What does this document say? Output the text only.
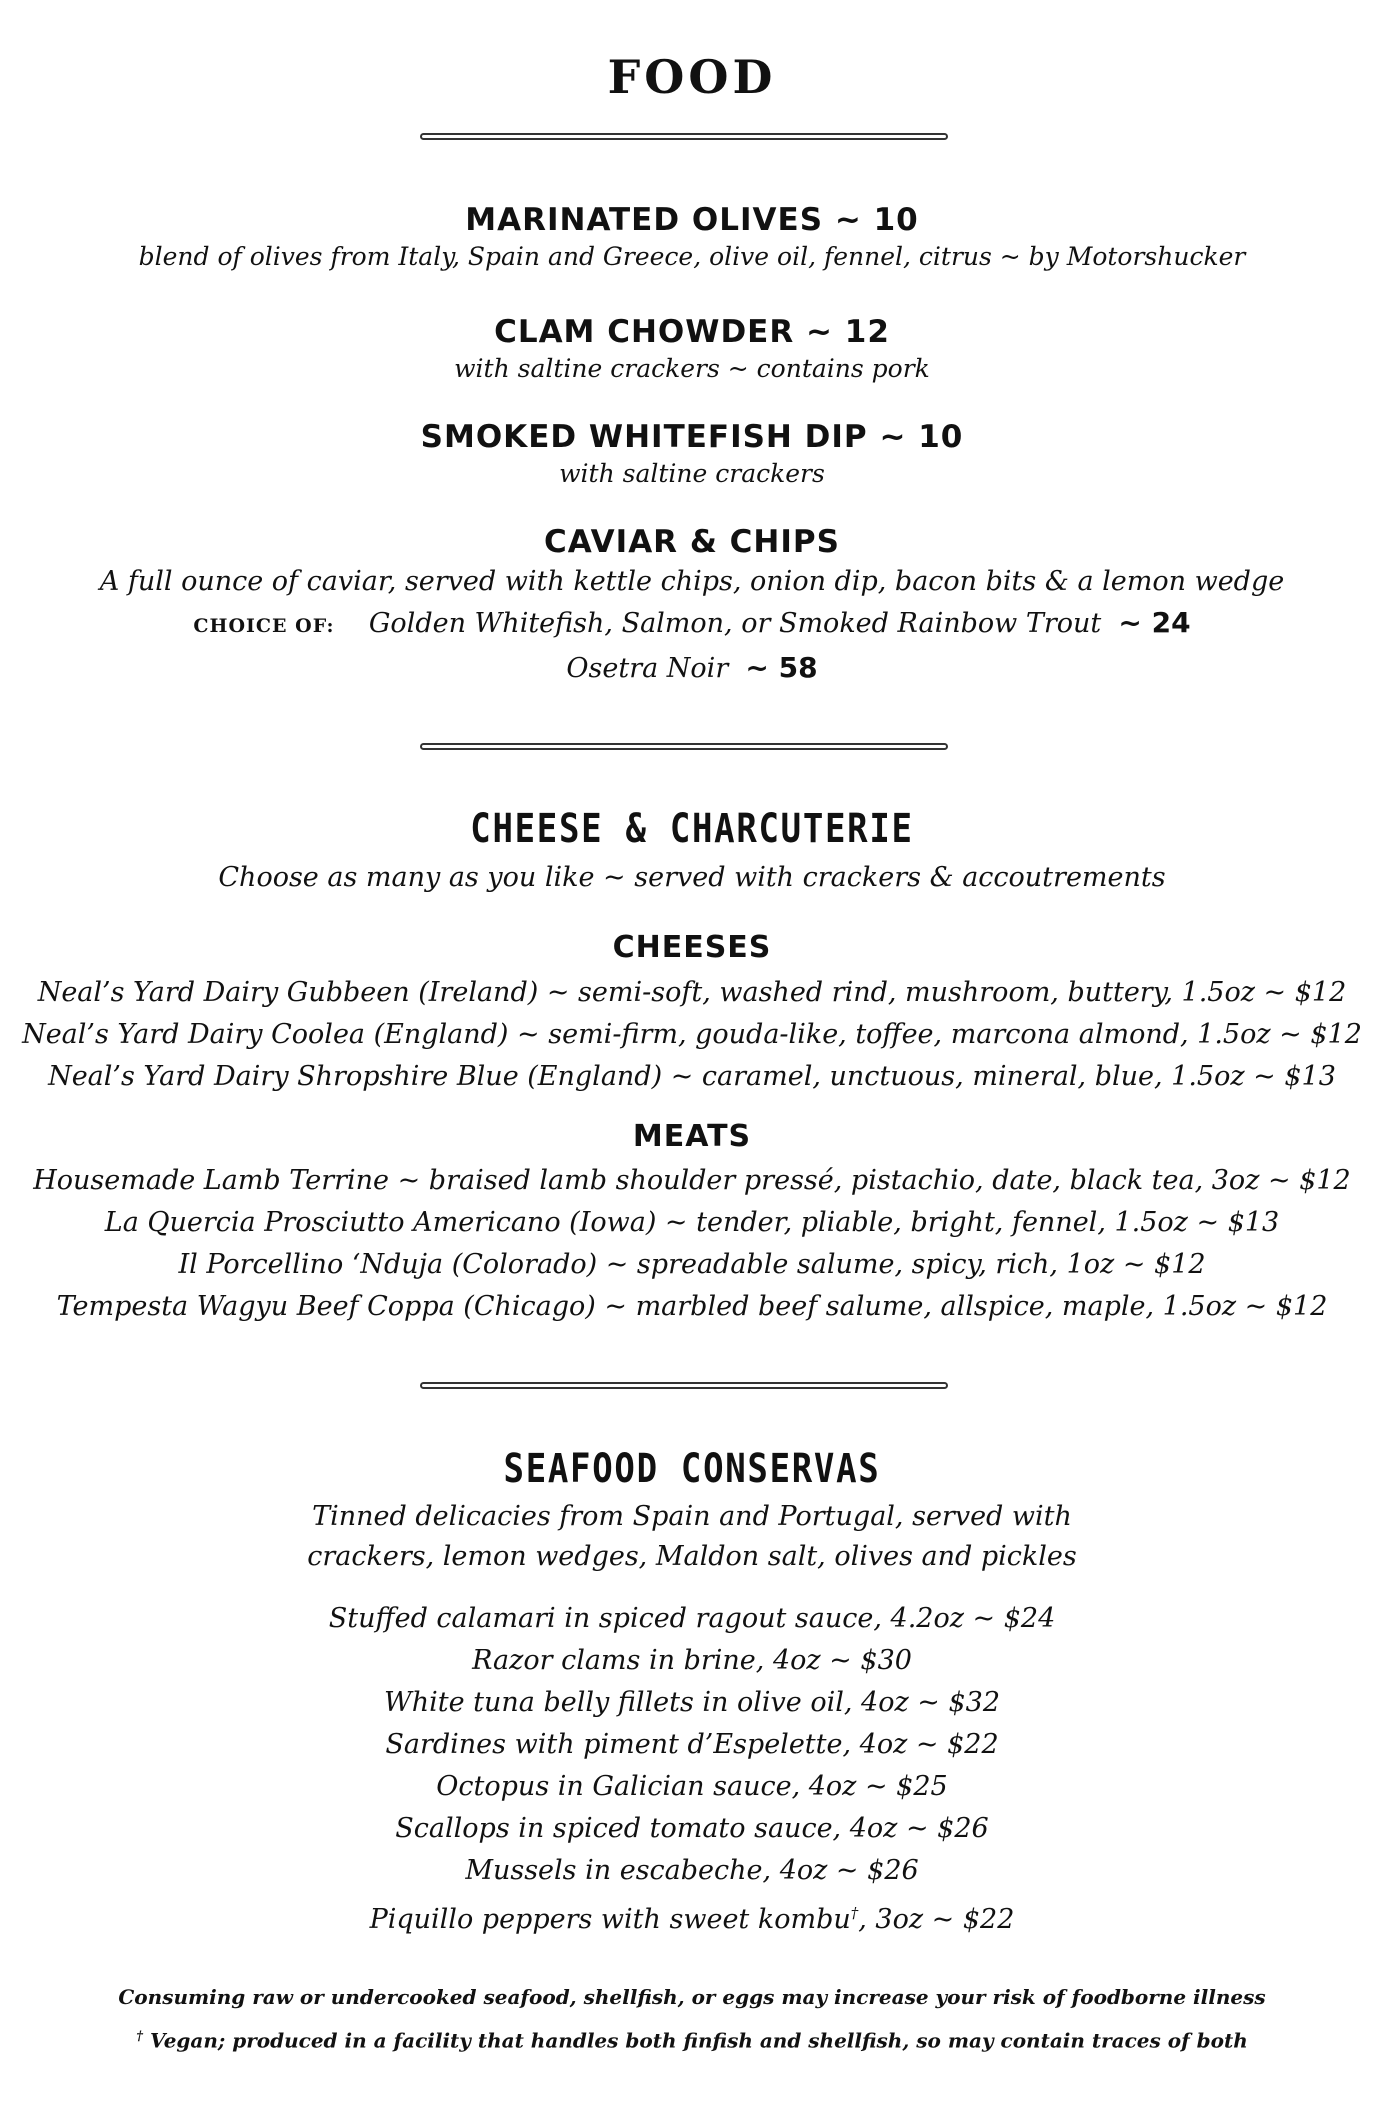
FOOD
MARINATED OLIVES ~ 10
blend of olives from Italy, Spain and Greece, olive oil, fennel, citrus ~ by Motorshucker
CLAM CHOWDER ~ 12
with saltine crackers ~ contains pork
SMOKED WHITEFISH DIP ~ 10
with saltine crackers
CAVIAR & CHIPS
A full ounce of caviar, served with kettle chips, onion dip, bacon bits & a lemon wedge
CHOICE OF: Golden Whitefish, Salmon, or Smoked Rainbow Trout ~ 24
Osetra Noir ~ 58
CHEESE & CHARCUTERIE
Choose as many as you like ~ served with crackers & accoutrements
CHEESES
Neal’s Yard Dairy Gubbeen (Ireland) ~ semi-soft, washed rind, mushroom, buttery, 1.5oz ~ $12
Neal’s Yard Dairy Coolea (England) ~ semi-firm, gouda-like, toffee, marcona almond, 1.5oz ~ $12
Neal’s Yard Dairy Shropshire Blue (England) ~ caramel, unctuous, mineral, blue, 1.5oz ~ $13
MEATS
Housemade Lamb Terrine ~ braised lamb shoulder pressé, pistachio, date, black tea, 3oz ~ $12
La Quercia Prosciutto Americano (Iowa) ~ tender, pliable, bright, fennel, 1.5oz ~ $13
Il Porcellino ‘Nduja (Colorado) ~ spreadable salume, spicy, rich, 1oz ~ $12
Tempesta Wagyu Beef Coppa (Chicago) ~ marbled beef salume, allspice, maple, 1.5oz ~ $12
SEAFOOD CONSERVAS
Tinned delicacies from Spain and Portugal, served with
crackers, lemon wedges, Maldon salt, olives and pickles
Stuffed calamari in spiced ragout sauce, 4.2oz ~ $24
Razor clams in brine, 4oz ~ $30
White tuna belly fillets in olive oil, 4oz ~ $32
Sardines with piment d’Espelette, 4oz ~ $22
Octopus in Galician sauce, 4oz ~ $25
Scallops in spiced tomato sauce, 4oz ~ $26
Mussels in escabeche, 4oz ~ $26
Piquillo peppers with sweet kombu†, 3oz ~ $22
Consuming raw or undercooked seafood, shellfish, or eggs may increase your risk of foodborne illness
† Vegan; produced in a facility that handles both finfish and shellfish, so may contain traces of both
